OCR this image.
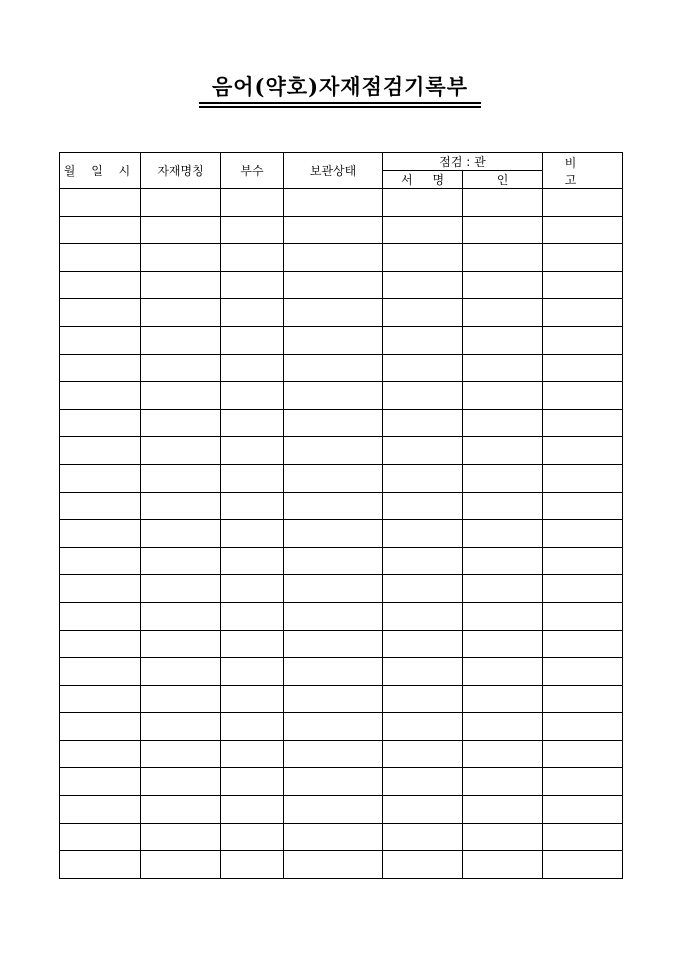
음어(약호)자재점검기록부
월 일 시	자재명칭	부수	보관상태	점검 : 관		비 고

				서 명	인	
